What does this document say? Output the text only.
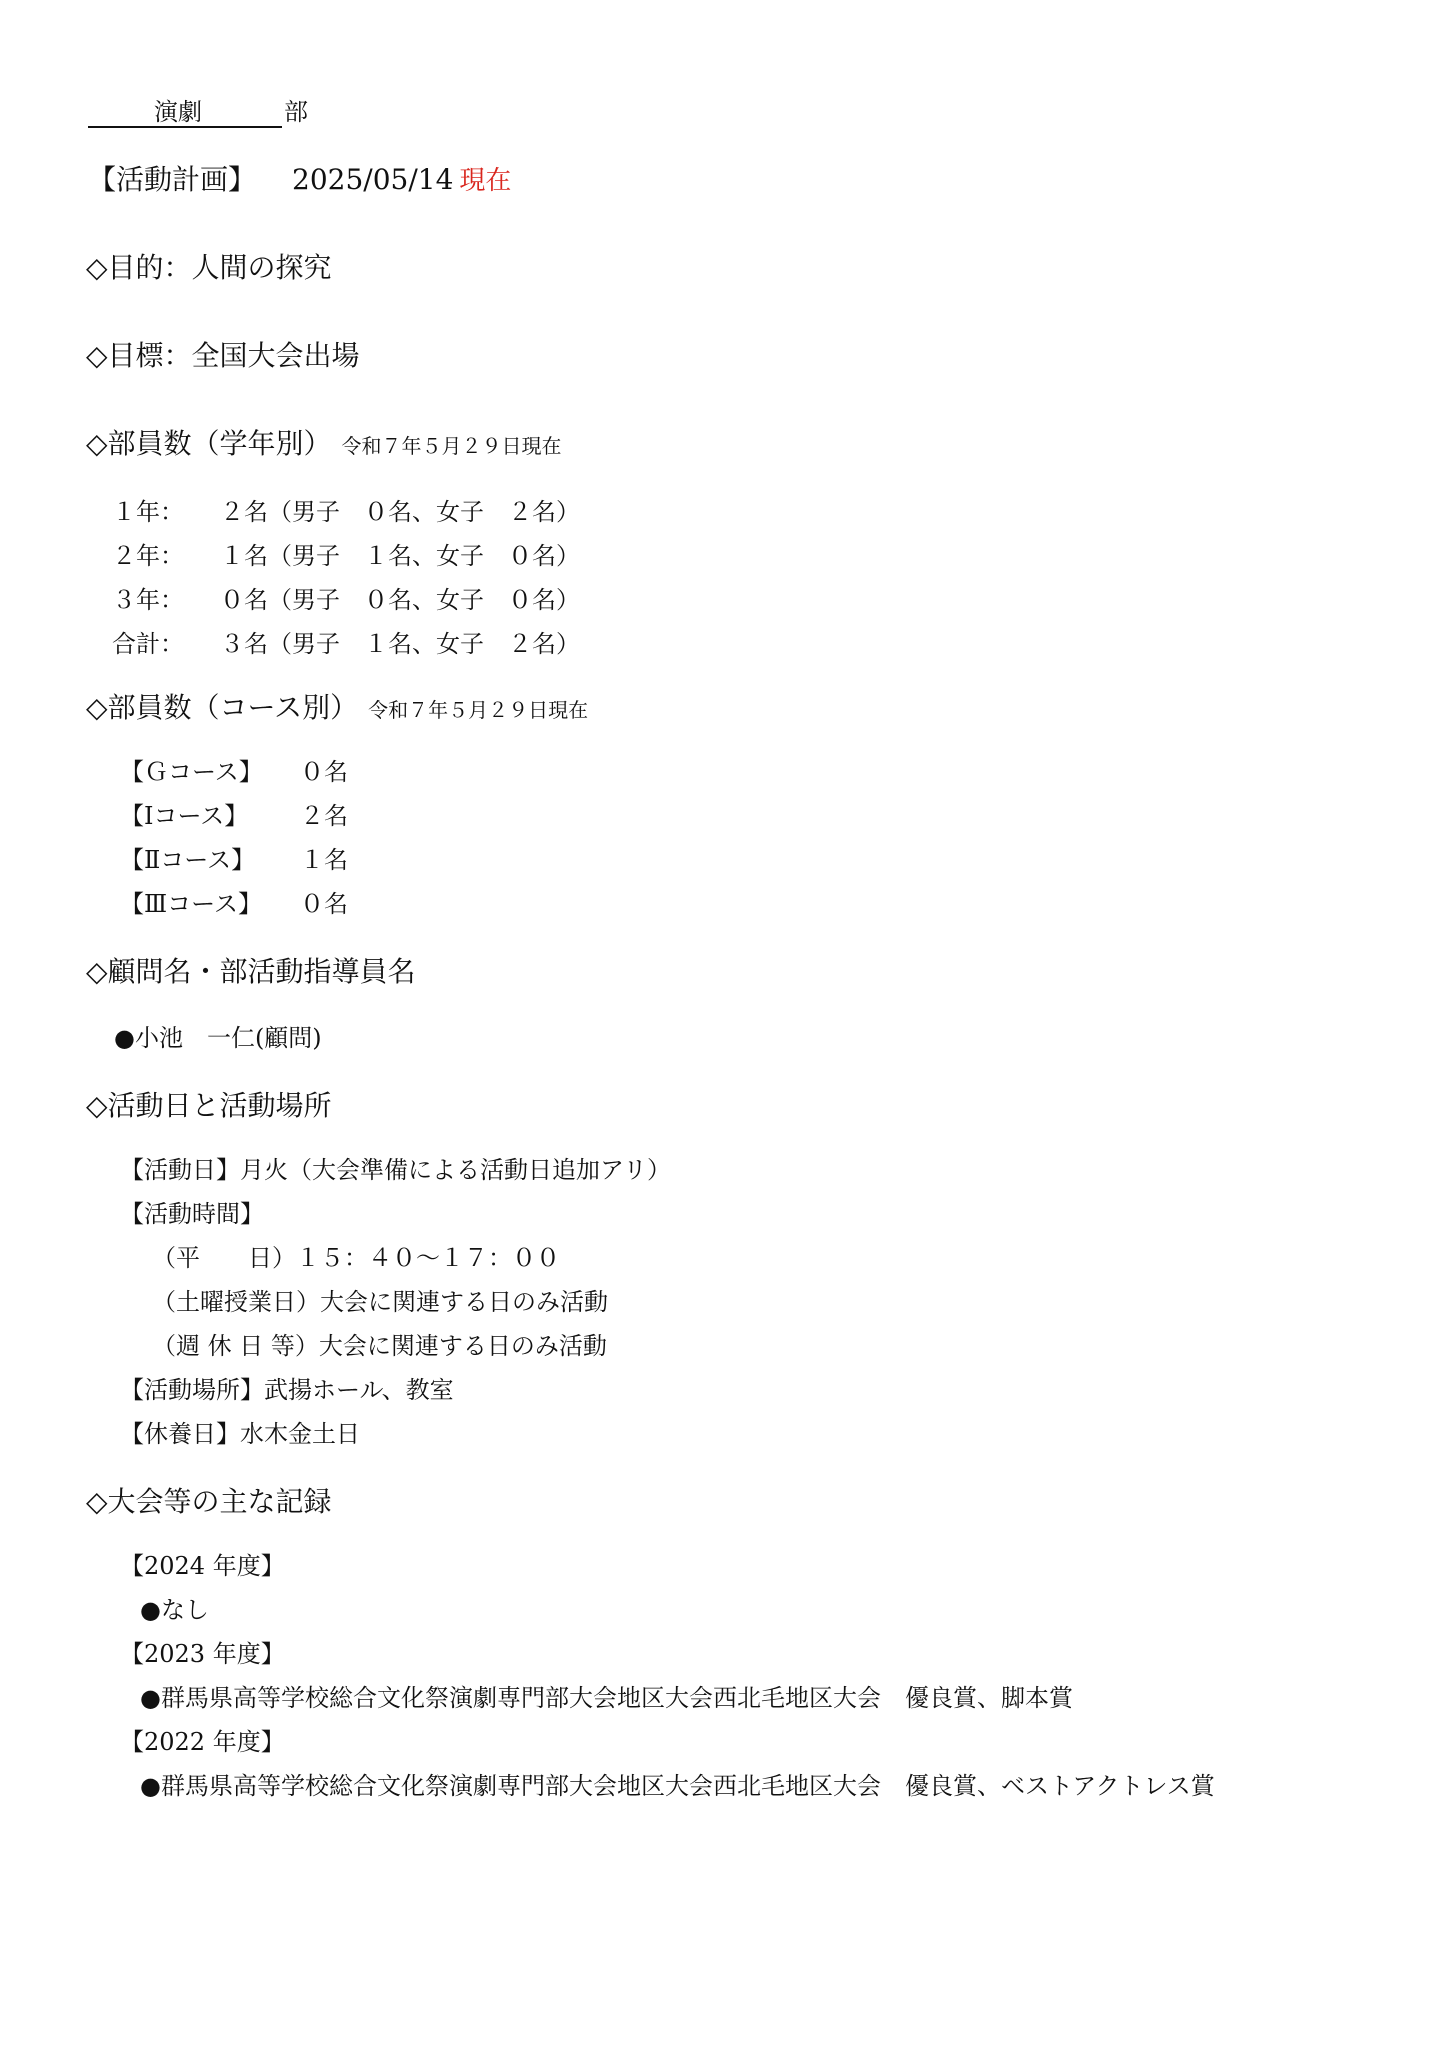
演劇	部
【活動計画】 2025/05/14 現在
◇目的：人間の探究
◇目標：全国大会出場
◇部員数（学年別） 令和７年５月２９日現在
１年：	２名（男子　０名、女子　２名）
２年：	１名（男子　１名、女子　０名）
３年：	０名（男子　０名、女子　０名）
合計：	３名（男子　１名、女子　２名）
◇部員数（コース別） 令和７年５月２９日現在
【Ｇコース】 ０名
【Ⅰコース】 ２名
【Ⅱコース】 １名
【Ⅲコース】 ０名
◇顧問名・部活動指導員名
●小池　一仁(顧問)
◇活動日と活動場所
【活動日】月火（大会準備による活動日追加アリ）
【活動時間】
（平　　日）１５：４０～１７：００
（土曜授業日）大会に関連する日のみ活動
（週 休 日 等）大会に関連する日のみ活動
【活動場所】武揚ホール、教室
【休養日】水木金土日
◇大会等の主な記録
【2024 年度】
●なし
【2023 年度】
●群馬県高等学校総合文化祭演劇専門部大会地区大会西北毛地区大会　優良賞、脚本賞
【2022 年度】
●群馬県高等学校総合文化祭演劇専門部大会地区大会西北毛地区大会　優良賞、ベストアクトレス賞
